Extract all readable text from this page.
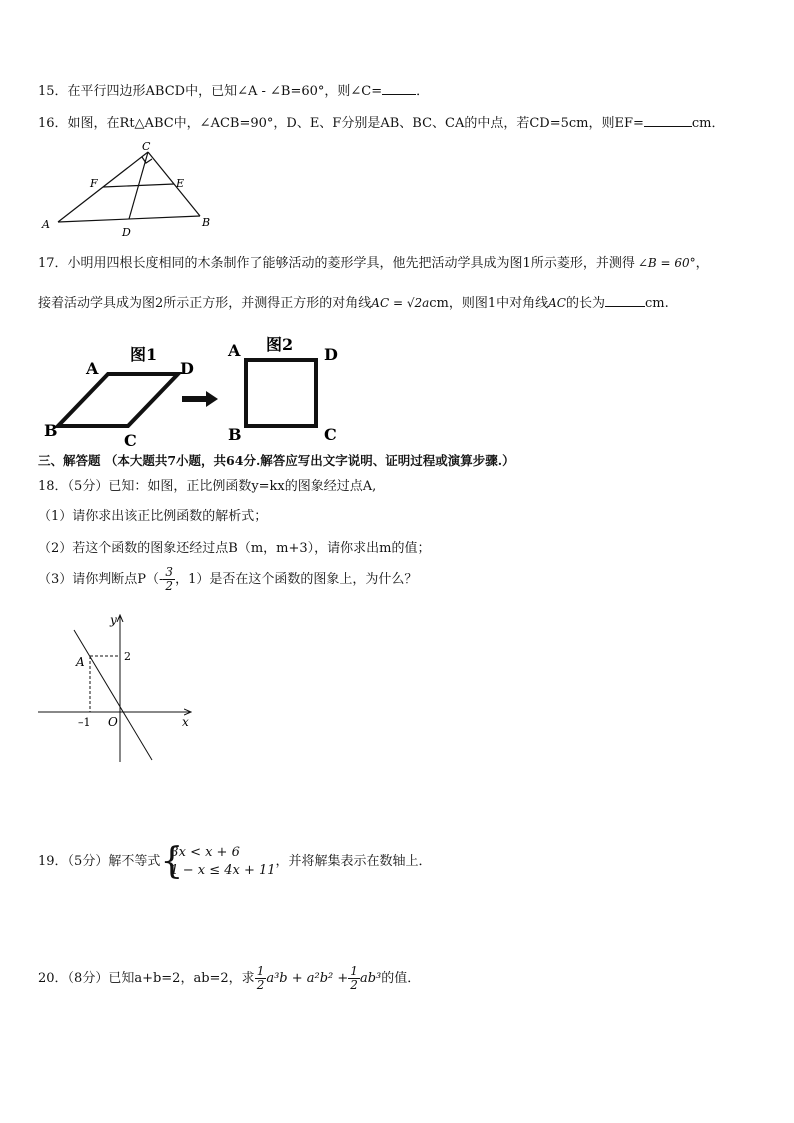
15．在平行四边形ABCD中，已知∠A - ∠B=60°，则∠C=	．
16．如图，在Rt△ABC中，∠ACB=90°，D、E、F分别是AB、BC、CA的中点，若CD=5cm，则EF=	cm．
C
F	E
A
D
B
17．小明用四根长度相同的木条制作了能够活动的菱形学具，他先把活动学具成为图1所示菱形，并测得 ∠B = 60°，
接着活动学具成为图2所示正方形，并测得正方形的对角线AC = √2acm，则图1中对角线AC的长为	cm.
图1
A	D
B
C
图2
A	D
B	C
三、解答题 （本大题共7小题，共64分.解答应写出文字说明、证明过程或演算步骤.）
18．（5分）已知：如图，正比例函数y=kx的图象经过点A,
（1）请你求出该正比例函数的解析式；
（2）若这个函数的图象还经过点B（m，m+3），请你求出m的值；
（3）请你判断点$P(- \frac{3}{2}$ ，1）是否在这个函数的图象上，为什么？
y
x
A
O
2
–1
19．（5分）解不等式 {
3x < x + 6
1 − x ≤ 4x + 11
，并将解集表示在数轴上．
20．（8分）已知a+b=2，ab=2，求 $\frac{1}{2} a^3b + a^2b^2 + \frac{1}{2} ab^3$的值．
